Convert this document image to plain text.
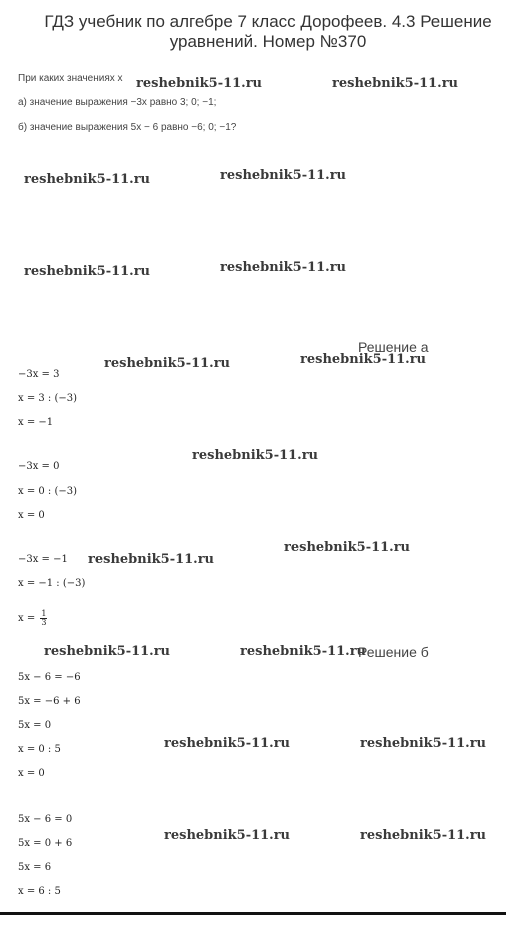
ГДЗ учебник по алгебре 7 класс Дорофеев. 4.3 Решение уравнений. Номер №370
При каких значениях x
а) значение выражения −3x равно 3; 0; −1;
б) значение выражения 5x − 6 равно −6; 0; −1?
reshebnik5-11.ru	reshebnik5-11.ru
reshebnik5-11.ru	reshebnik5-11.ru
reshebnik5-11.ru	reshebnik5-11.ru
reshebnik5-11.ru	reshebnik5-11.ru
reshebnik5-11.ru
reshebnik5-11.ru
reshebnik5-11.ru
reshebnik5-11.ru	reshebnik5-11.ru
reshebnik5-11.ru	reshebnik5-11.ru
reshebnik5-11.ru	reshebnik5-11.ru
Решение а
−3x = 3
x = 3 : (−3)
x = −1
−3x = 0
x = 0 : (−3)
x = 0
−3x = −1
x = −1 : (−3)
$x = \frac{1}{3}$
Решение б
5x − 6 = −6
5x = −6 + 6
5x = 0
x = 0 : 5
x = 0
5x − 6 = 0
5x = 0 + 6
5x = 6
x = 6 : 5
